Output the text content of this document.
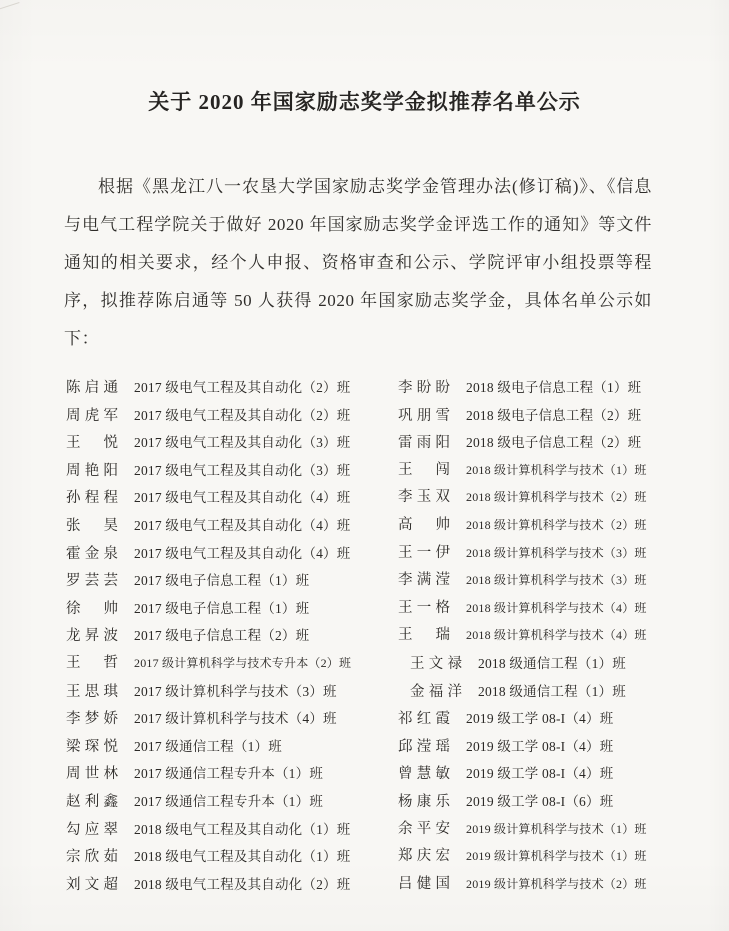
关于 2020 年国家励志奖学金拟推荐名单公示

根据《黑龙江八一农垦大学国家励志奖学金管理办法(修订稿)》、《信息与电气工程学院关于做好 2020 年国家励志奖学金评选工作的通知》等文件通知的相关要求，经个人申报、资格审查和公示、学院评审小组投票等程序，拟推荐陈启通等 50 人获得 2020 年国家励志奖学金，具体名单公示如下：

陈启通 2017 级电气工程及其自动化（2）班
周虎军 2017 级电气工程及其自动化（2）班
王悦 2017 级电气工程及其自动化（3）班
周艳阳 2017 级电气工程及其自动化（3）班
孙程程 2017 级电气工程及其自动化（4）班
张昊 2017 级电气工程及其自动化（4）班
霍金泉 2017 级电气工程及其自动化（4）班
罗芸芸 2017 级电子信息工程（1）班
徐帅 2017 级电子信息工程（1）班
龙昇波 2017 级电子信息工程（2）班
王哲 2017 级计算机科学与技术专升本（2）班
王思琪 2017 级计算机科学与技术（3）班
李梦娇 2017 级计算机科学与技术（4）班
梁琛悦 2017 级通信工程（1）班
周世林 2017 级通信工程专升本（1）班
赵利鑫 2017 级通信工程专升本（1）班
勾应翠 2018 级电气工程及其自动化（1）班
宗欣茹 2018 级电气工程及其自动化（1）班
刘文超 2018 级电气工程及其自动化（2）班
李盼盼 2018 级电子信息工程（1）班
巩朋雪 2018 级电子信息工程（2）班
雷雨阳 2018 级电子信息工程（2）班
王闯 2018 级计算机科学与技术（1）班
李玉双 2018 级计算机科学与技术（2）班
高帅 2018 级计算机科学与技术（2）班
王一伊 2018 级计算机科学与技术（3）班
李满滢 2018 级计算机科学与技术（3）班
王一格 2018 级计算机科学与技术（4）班
王瑞 2018 级计算机科学与技术（4）班
王文禄 2018 级通信工程（1）班
金福洋 2018 级通信工程（1）班
祁红霞 2019 级工学 08-I（4）班
邱滢瑶 2019 级工学 08-I（4）班
曾慧敏 2019 级工学 08-I（4）班
杨康乐 2019 级工学 08-I（6）班
余平安 2019 级计算机科学与技术（1）班
郑庆宏 2019 级计算机科学与技术（1）班
吕健国 2019 级计算机科学与技术（2）班
